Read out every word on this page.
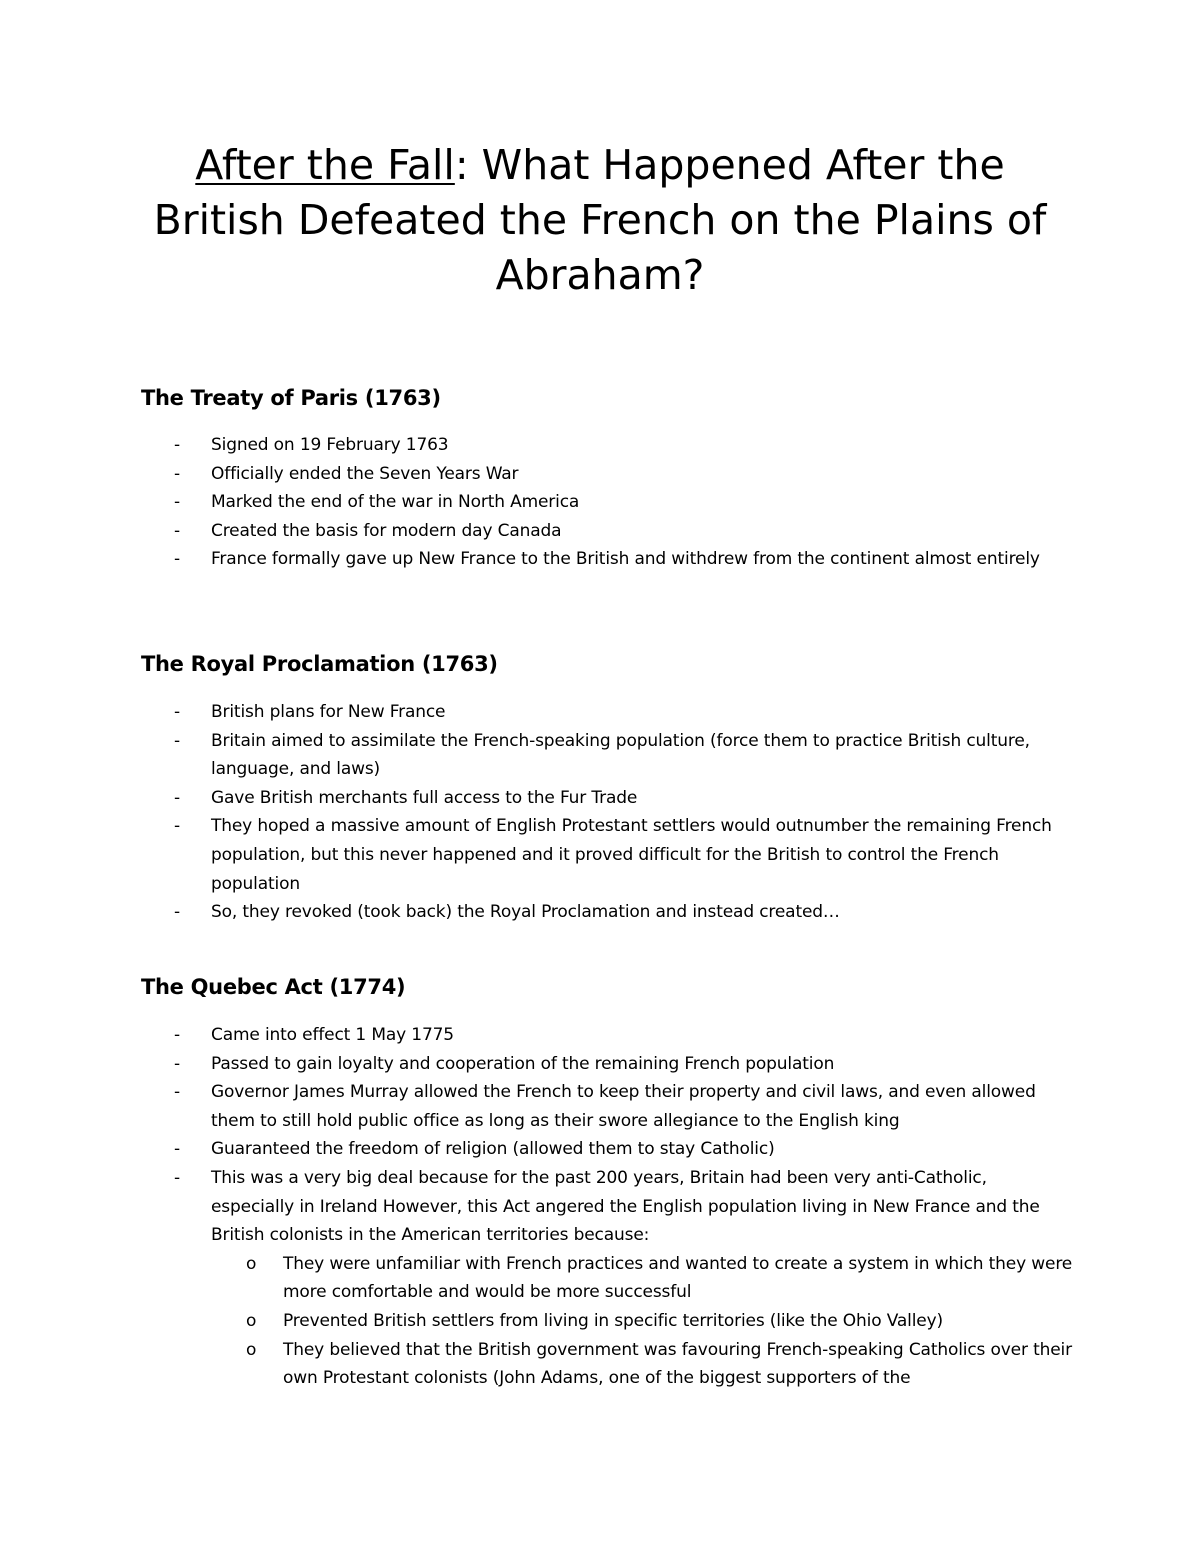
After the Fall: What Happened After the British Defeated the French on the Plains of Abraham?
The Treaty of Paris (1763)
- Signed on 19 February 1763
- Officially ended the Seven Years War
- Marked the end of the war in North America
- Created the basis for modern day Canada
- France formally gave up New France to the British and withdrew from the continent almost entirely
The Royal Proclamation (1763)
- British plans for New France
- Britain aimed to assimilate the French-speaking population (force them to practice British culture, language, and laws)
- Gave British merchants full access to the Fur Trade
- They hoped a massive amount of English Protestant settlers would outnumber the remaining French population, but this never happened and it proved difficult for the British to control the French population
- So, they revoked (took back) the Royal Proclamation and instead created…
The Quebec Act (1774)
- Came into effect 1 May 1775
- Passed to gain loyalty and cooperation of the remaining French population
- Governor James Murray allowed the French to keep their property and civil laws, and even allowed them to still hold public office as long as their swore allegiance to the English king
- Guaranteed the freedom of religion (allowed them to stay Catholic)
- This was a very big deal because for the past 200 years, Britain had been very anti-Catholic, especially in Ireland However, this Act angered the English population living in New France and the British colonists in the American territories because:
o They were unfamiliar with French practices and wanted to create a system in which they were more comfortable and would be more successful
o Prevented British settlers from living in specific territories (like the Ohio Valley)
o They believed that the British government was favouring French-speaking Catholics over their own Protestant colonists (John Adams, one of the biggest supporters of the
